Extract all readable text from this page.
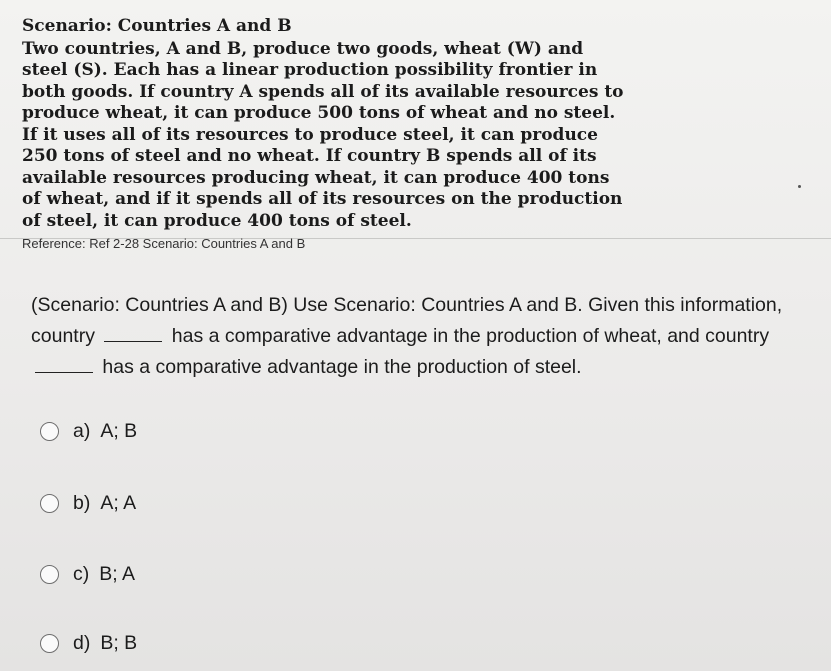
Scenario: Countries A and B

Two countries, A and B, produce two goods, wheat (W) and steel (S). Each has a linear production possibility frontier in both goods. If country A spends all of its available resources to produce wheat, it can produce 500 tons of wheat and no steel. If it uses all of its resources to produce steel, it can produce 250 tons of steel and no wheat. If country B spends all of its available resources producing wheat, it can produce 400 tons of wheat, and if it spends all of its resources on the production of steel, it can produce 400 tons of steel.

Reference: Ref 2-28 Scenario: Countries A and B

(Scenario: Countries A and B) Use Scenario: Countries A and B. Given this information, country	has a comparative advantage in the production of wheat, and country  has a comparative advantage in the production of steel.

a) A; B
b) A; A
c) B; A
d) B; B
